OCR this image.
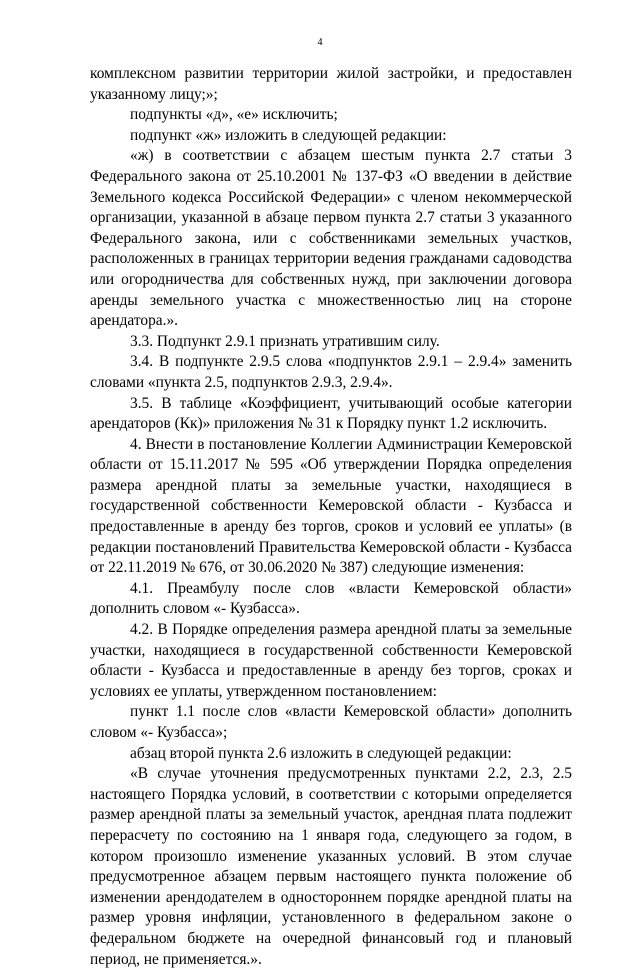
4

комплексном развитии территории жилой застройки, и предоставлен указанному лицу;»;

подпункты «д», «е» исключить;

подпункт «ж» изложить в следующей редакции:

«ж) в соответствии с абзацем шестым пункта 2.7 статьи 3 Федерального закона от 25.10.2001 № 137-ФЗ «О введении в действие Земельного кодекса Российской Федерации» с членом некоммерческой организации, указанной в абзаце первом пункта 2.7 статьи 3 указанного Федерального закона, или с собственниками земельных участков, расположенных в границах территории ведения гражданами садоводства или огородничества для собственных нужд, при заключении договора аренды земельного участка с множественностью лиц на стороне арендатора.».

3.3. Подпункт 2.9.1 признать утратившим силу.

3.4. В подпункте 2.9.5 слова «подпунктов 2.9.1 – 2.9.4» заменить словами «пункта 2.5, подпунктов 2.9.3, 2.9.4».

3.5. В таблице «Коэффициент, учитывающий особые категории арендаторов (Кк)» приложения № 31 к Порядку пункт 1.2 исключить.

4. Внести в постановление Коллегии Администрации Кемеровской области от 15.11.2017 № 595 «Об утверждении Порядка определения размера арендной платы за земельные участки, находящиеся в государственной собственности Кемеровской области - Кузбасса и предоставленные в аренду без торгов, сроков и условий ее уплаты» (в редакции постановлений Правительства Кемеровской области - Кузбасса от 22.11.2019 № 676, от 30.06.2020 № 387) следующие изменения:

4.1. Преамбулу после слов «власти Кемеровской области» дополнить словом «- Кузбасса».

4.2. В Порядке определения размера арендной платы за земельные участки, находящиеся в государственной собственности Кемеровской области - Кузбасса и предоставленные в аренду без торгов, сроках и условиях ее уплаты, утвержденном постановлением:

пункт 1.1 после слов «власти Кемеровской области» дополнить словом «- Кузбасса»;

абзац второй пункта 2.6 изложить в следующей редакции:

«В случае уточнения предусмотренных пунктами 2.2, 2.3, 2.5 настоящего Порядка условий, в соответствии с которыми определяется размер арендной платы за земельный участок, арендная плата подлежит перерасчету по состоянию на 1 января года, следующего за годом, в котором произошло изменение указанных условий. В этом случае предусмотренное абзацем первым настоящего пункта положение об изменении арендодателем в одностороннем порядке арендной платы на размер уровня инфляции, установленного в федеральном законе о федеральном бюджете на очередной финансовый год и плановый период, не применяется.».
